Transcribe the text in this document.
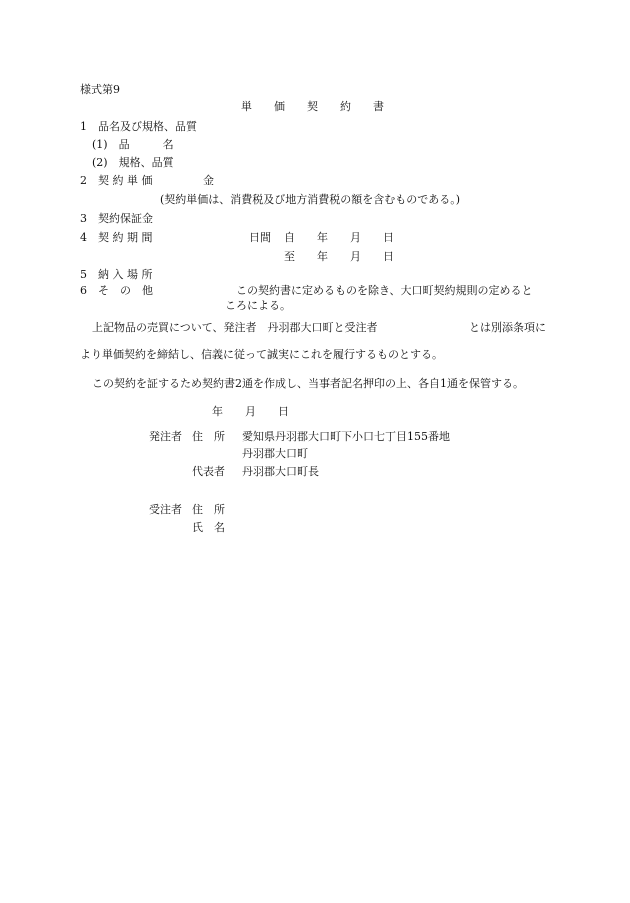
様式第9
単　　価　　契　　約　　書
1　品名及び規格、品質
(1)　品　　　名
(2)　規格、品質
2　契 約 単 価	金
(契約単価は、消費税及び地方消費税の額を含むものである。)
3　契約保証金
4　契 約 期 間	日間 自　　年　　月　　日
至　　年　　月　　日
5　納 入 場 所
6　そ　の　他	この契約書に定めるものを除き、大口町契約規則の定めると
ころによる。
上記物品の売買について、発注者　丹羽郡大口町と受注者	とは別添条項に
より単価契約を締結し、信義に従って誠実にこれを履行するものとする。
この契約を証するため契約書2通を作成し、当事者記名押印の上、各自1通を保管する。
年　　月　　日
発注者 住　所 愛知県丹羽郡大口町下小口七丁目155番地
丹羽郡大口町
代表者 丹羽郡大口町長
受注者 住　所
氏　名
